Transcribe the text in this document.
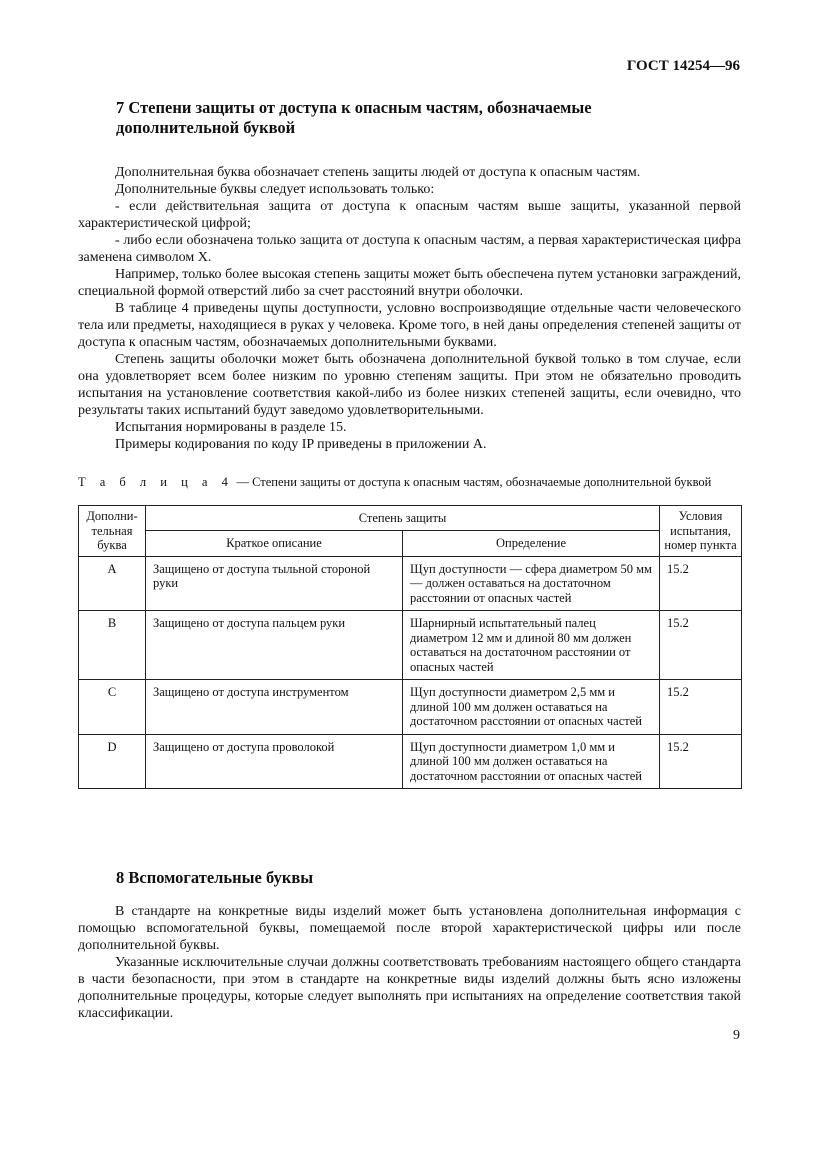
ГОСТ 14254—96
7 Степени защиты от доступа к опасным частям, обозначаемые дополнительной буквой

Дополнительная буква обозначает степень защиты людей от доступа к опасным частям.

Дополнительные буквы следует использовать только:

- если действительная защита от доступа к опасным частям выше защиты, указанной первой характеристической цифрой;

- либо если обозначена только защита от доступа к опасным частям, а первая характеристическая цифра заменена символом X.

Например, только более высокая степень защиты может быть обеспечена путем установки заграждений, специальной формой отверстий либо за счет расстояний внутри оболочки.

В таблице 4 приведены щупы доступности, условно воспроизводящие отдельные части человеческого тела или предметы, находящиеся в руках у человека. Кроме того, в ней даны определения степеней защиты от доступа к опасным частям, обозначаемых дополнительными буквами.

Степень защиты оболочки может быть обозначена дополнительной буквой только в том случае, если она удовлетворяет всем более низким по уровню степеням защиты. При этом не обязательно проводить испытания на установление соответствия какой-либо из более низких степеней защиты, если очевидно, что результаты таких испытаний будут заведомо удовлетворительными.

Испытания нормированы в разделе 15.

Примеры кодирования по коду IP приведены в приложении А.

Т а б л и ц а 4 — Степени защиты от доступа к опасным частям, обозначаемые дополнительной буквой
Дополни-тельная буква	Степень защиты		Условия испытания, номер пункта
	Краткое описание	Определение	
A	Защищено от доступа тыльной стороной руки	Щуп доступности — сфера диаметром 50 мм — должен оставаться на достаточном расстоянии от опасных частей	15.2
B	Защищено от доступа пальцем руки	Шарнирный испытательный палец диаметром 12 мм и длиной 80 мм должен оставаться на достаточном расстоянии от опасных частей	15.2
C	Защищено от доступа инструментом	Щуп доступности диаметром 2,5 мм и длиной 100 мм должен оставаться на достаточном расстоянии от опасных частей	15.2
D	Защищено от доступа проволокой	Щуп доступности диаметром 1,0 мм и длиной 100 мм должен оставаться на достаточном расстоянии от опасных частей	15.2
8 Вспомогательные буквы

В стандарте на конкретные виды изделий может быть установлена дополнительная информация с помощью вспомогательной буквы, помещаемой после второй характеристической цифры или после дополнительной буквы.

Указанные исключительные случаи должны соответствовать требованиям настоящего общего стандарта в части безопасности, при этом в стандарте на конкретные виды изделий должны быть ясно изложены дополнительные процедуры, которые следует выполнять при испытаниях на определение соответствия такой классификации.

9
